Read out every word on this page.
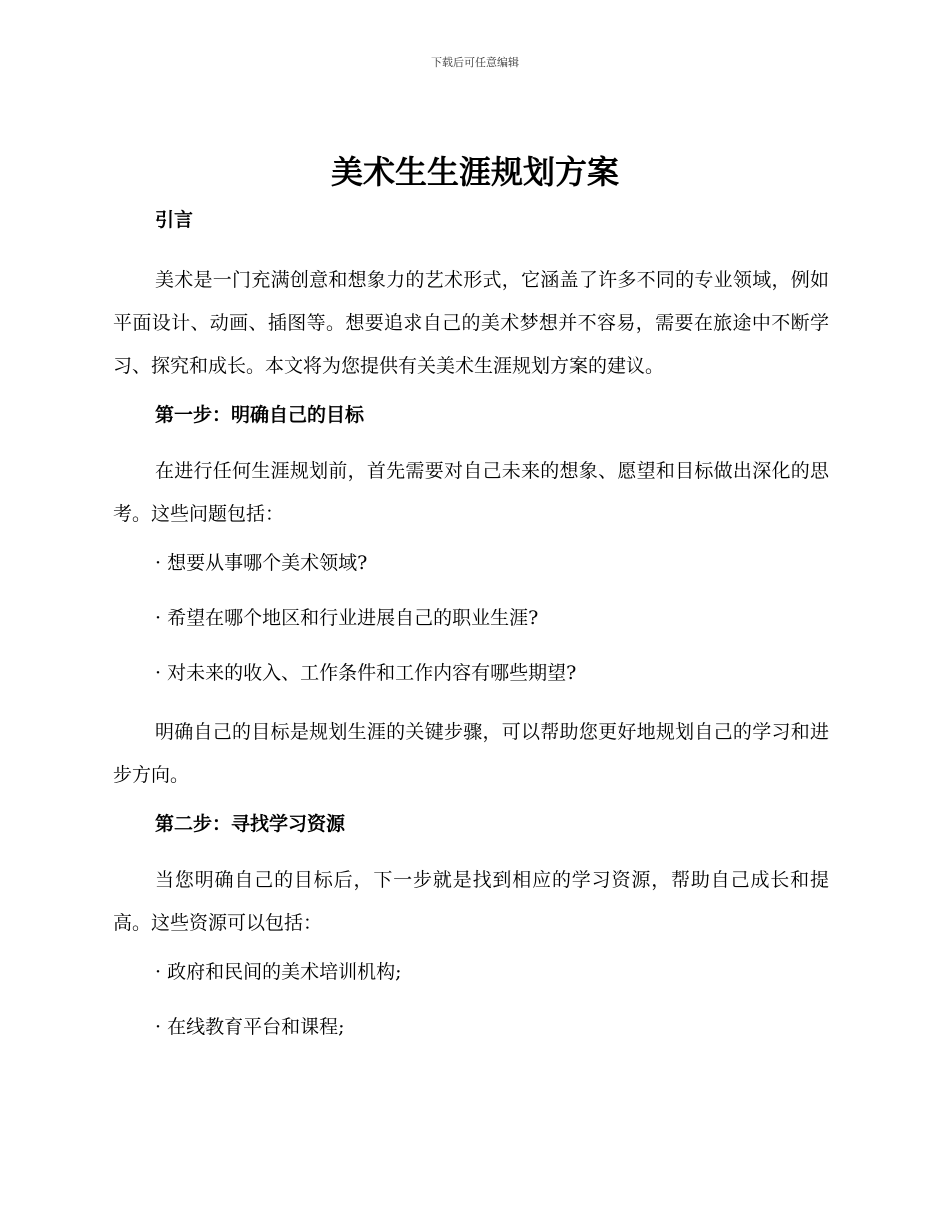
下载后可任意编辑
美术生生涯规划方案
引言

美术是一门充满创意和想象力的艺术形式，它涵盖了许多不同的专业领域，例如平面设计、动画、插图等。想要追求自己的美术梦想并不容易，需要在旅途中不断学习、探究和成长。本文将为您提供有关美术生涯规划方案的建议。

第一步：明确自己的目标

在进行任何生涯规划前，首先需要对自己未来的想象、愿望和目标做出深化的思考。这些问题包括：

· 想要从事哪个美术领域?
· 希望在哪个地区和行业进展自己的职业生涯?
· 对未来的收入、工作条件和工作内容有哪些期望?

明确自己的目标是规划生涯的关键步骤，可以帮助您更好地规划自己的学习和进步方向。

第二步：寻找学习资源

当您明确自己的目标后，下一步就是找到相应的学习资源，帮助自己成长和提高。这些资源可以包括：

· 政府和民间的美术培训机构;
· 在线教育平台和课程;
